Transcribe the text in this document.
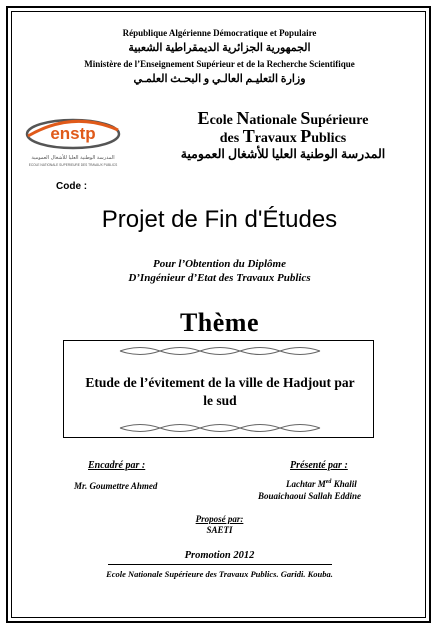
République Algérienne Démocratique et Populaire
الجمهورية الجزائرية الديمقراطية الشعبية
Ministère de l’Enseignement Supérieur et de la Recherche Scientifique
وزارة التعليـم العالـي و البحـث العلمـي
enstp
المدرسة الوطنية العليا للأشغال العمومية
ECOLE NATIONALE SUPERIEURE DES TRAVAUX PUBLICS
Ecole Nationale Supérieure
des Travaux Publics
المدرسة الوطنية العليا للأشغال العمومية
Code :
Projet de Fin d'Études
Pour l’Obtention du Diplôme
D’Ingénieur d’Etat des Travaux Publics
Thème
Etude de l’évitement de la ville de Hadjout par
le sud
Encadré par :
Mr. Goumettre Ahmed
Présenté par :
Lachtar $M^{ed}$ Khalil
Bouaichaoui Sallah Eddine
Proposé par:
SAETI
Promotion 2012
Ecole Nationale Supérieure des Travaux Publics. Garidi. Kouba.
